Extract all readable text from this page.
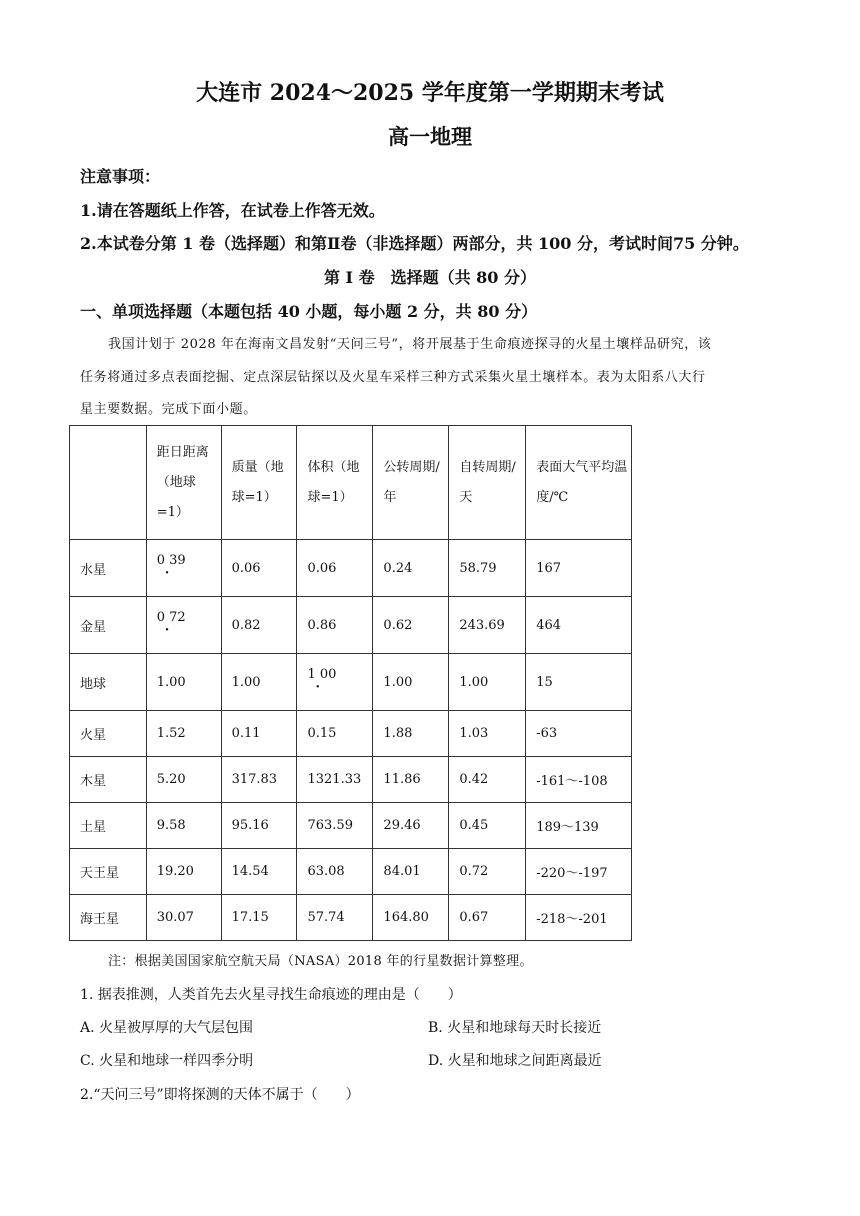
大连市 2024～2025 学年度第一学期期末考试
高一地理
注意事项：
1.请在答题纸上作答，在试卷上作答无效。
2.本试卷分第 1 卷（选择题）和第Ⅱ卷（非选择题）两部分，共 100 分，考试时间75 分钟。
第 I 卷　选择题（共 80 分）
一、单项选择题（本题包括 40 小题，每小题 2 分，共 80 分）
我国计划于 2028 年在海南文昌发射“天问三号”，将开展基于生命痕迹探寻的火星土壤样品研究，该
任务将通过多点表面挖掘、定点深层钻探以及火星车采样三种方式采集火星土壤样本。表为太阳系八大行
星主要数据。完成下面小题。
	距日距离（地球=1）	质量（地球=1）	体积（地球=1）	公转周期/年	自转周期/天	表面大气平均温度/℃
水星	0 39 ·	0.06	0.06	0.24	58.79	167
金星	0 72 ·	0.82	0.86	0.62	243.69	464
地球	1.00	1.00	1 00 ·	1.00	1.00	15
火星	1.52	0.11	0.15	1.88	1.03	-63
木星	5.20	317.83	1321.33	11.86	0.42	-161～-108
土星	9.58	95.16	763.59	29.46	0.45	189～139
天王星	19.20	14.54	63.08	84.01	0.72	-220～-197
海王星	30.07	17.15	57.74	164.80	0.67	-218～-201
注：根据美国国家航空航天局（NASA）2018 年的行星数据计算整理。
1. 据表推测，人类首先去火星寻找生命痕迹的理由是（　　）
A. 火星被厚厚的大气层包围	B. 火星和地球每天时长接近
C. 火星和地球一样四季分明	D. 火星和地球之间距离最近
2.“天问三号”即将探测的天体不属于（　　）
